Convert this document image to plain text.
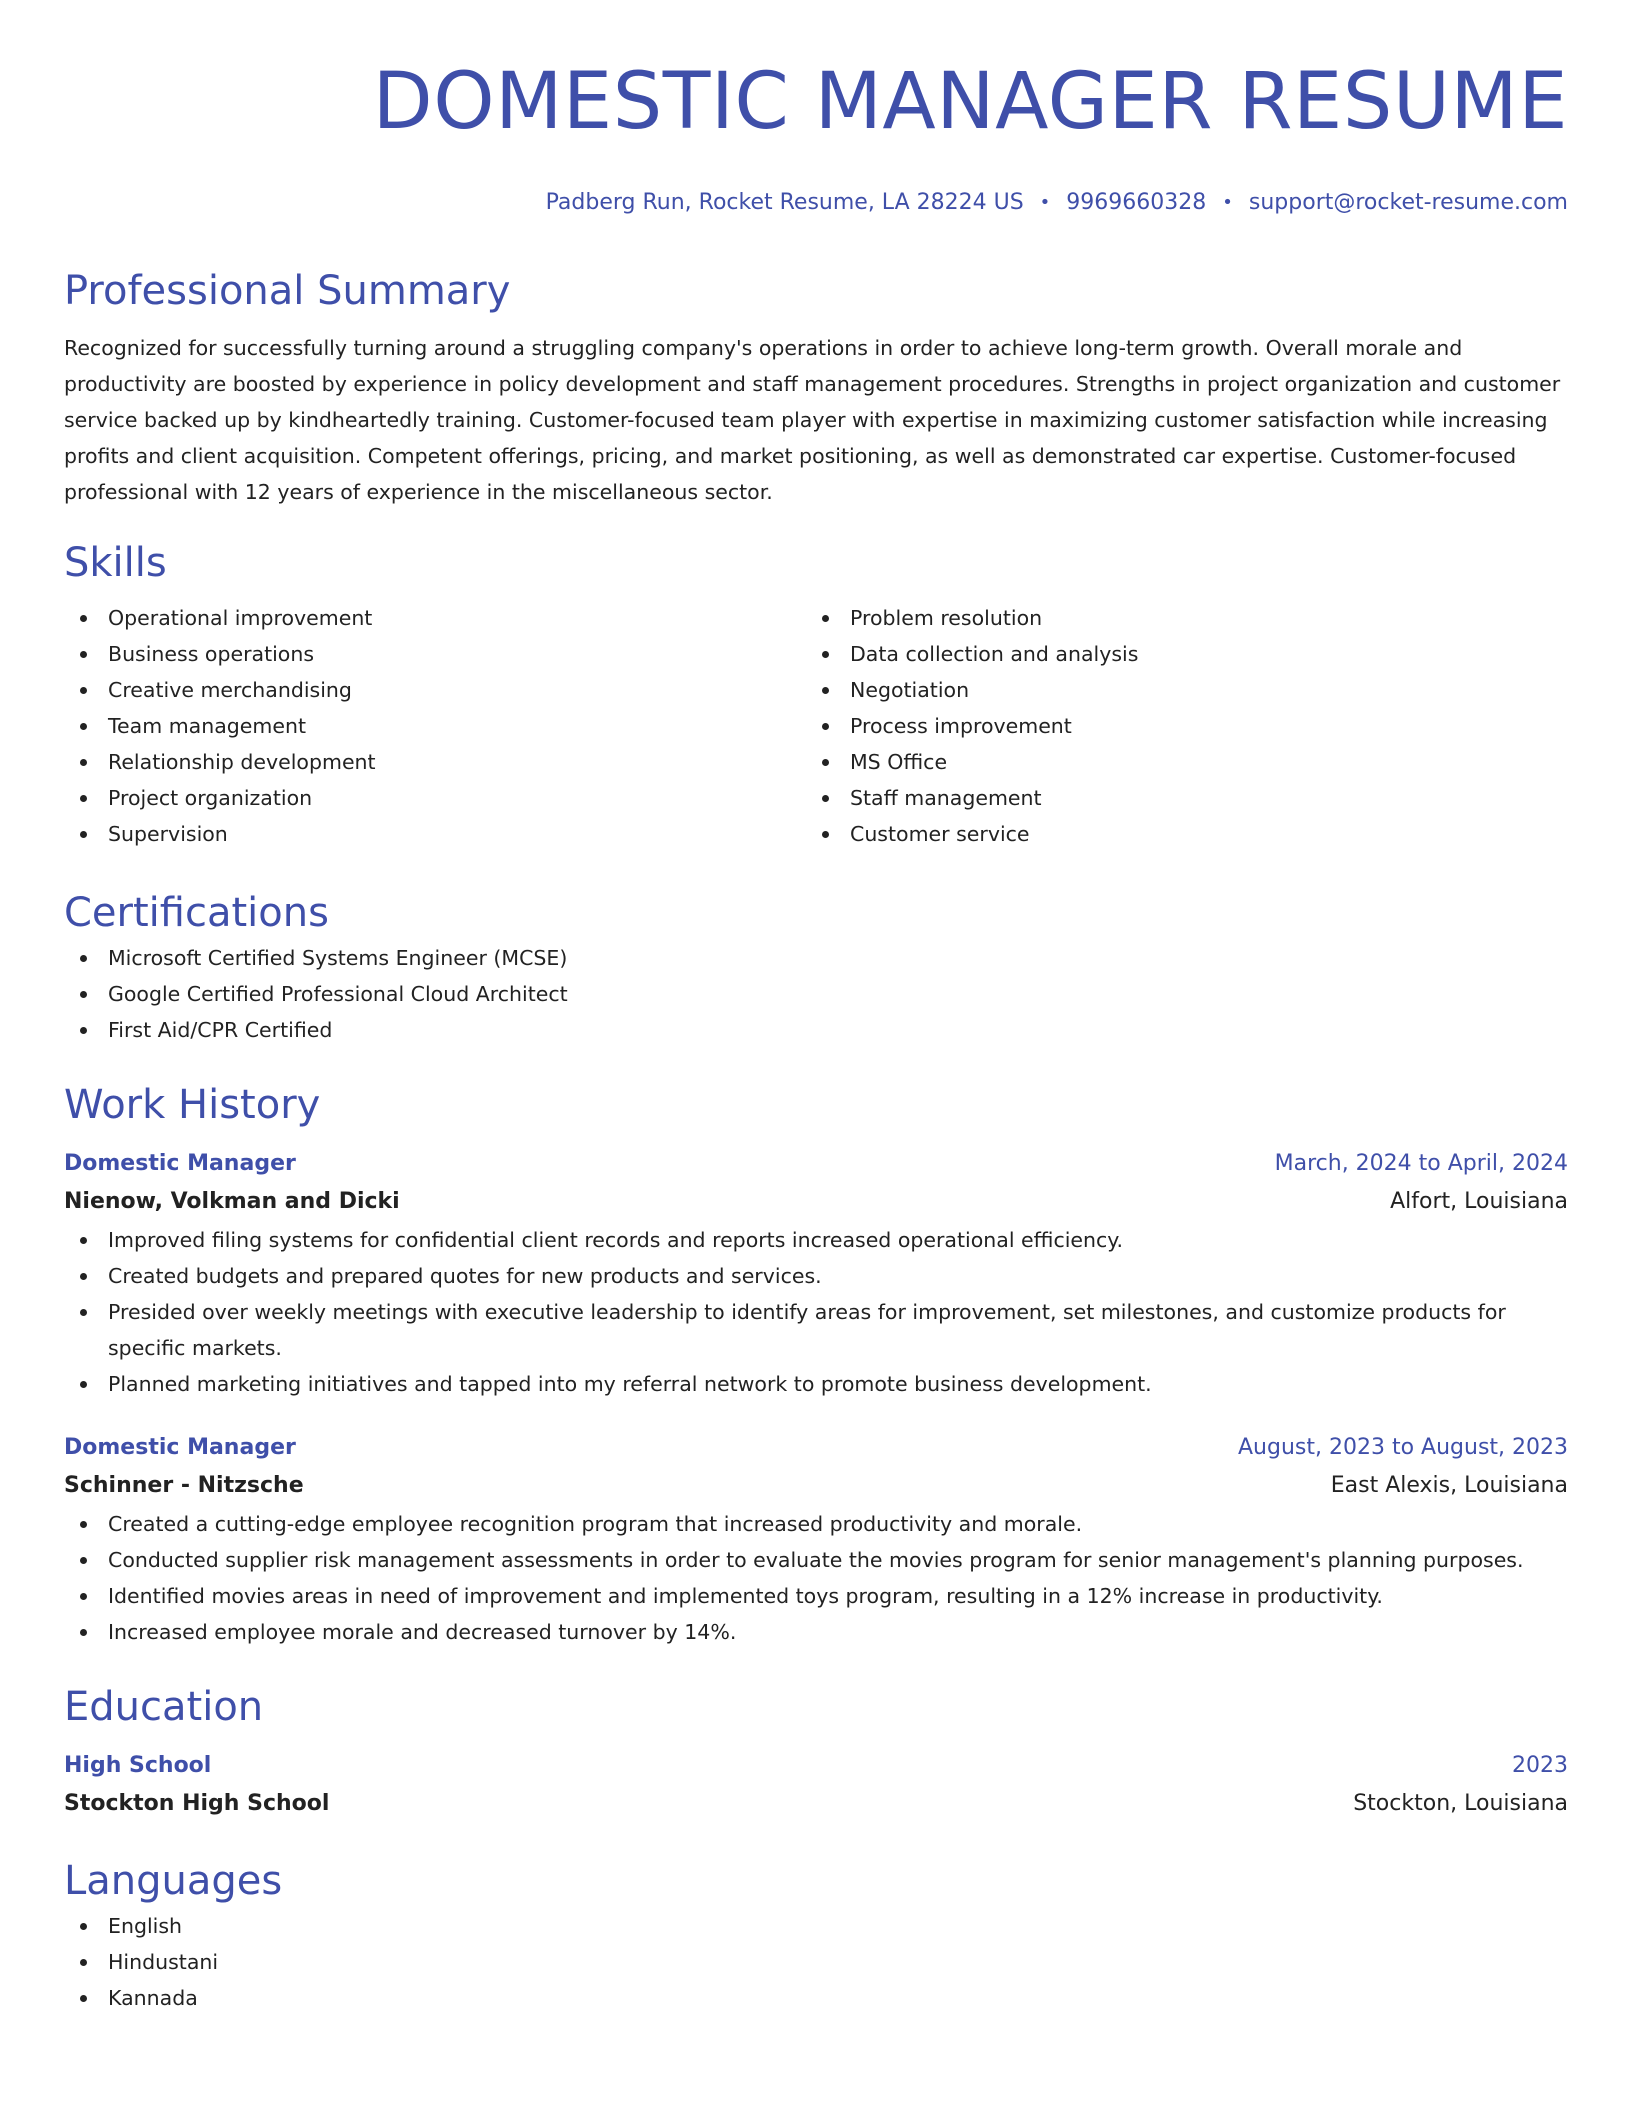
DOMESTIC MANAGER RESUME
Padberg Run, Rocket Resume, LA 28224 US • 9969660328 • support@rocket-resume.com
Professional Summary
Recognized for successfully turning around a struggling company's operations in order to achieve long-term growth. Overall morale and productivity are boosted by experience in policy development and staff management procedures. Strengths in project organization and customer service backed up by kindheartedly training. Customer-focused team player with expertise in maximizing customer satisfaction while increasing profits and client acquisition. Competent offerings, pricing, and market positioning, as well as demonstrated car expertise. Customer-focused professional with 12 years of experience in the miscellaneous sector.
Skills
Operational improvement
Business operations
Creative merchandising
Team management
Relationship development
Project organization
Supervision
Problem resolution
Data collection and analysis
Negotiation
Process improvement
MS Office
Staff management
Customer service
Certifications
Microsoft Certified Systems Engineer (MCSE)
Google Certified Professional Cloud Architect
First Aid/CPR Certified
Work History
Domestic Manager	March, 2024 to April, 2024
Nienow, Volkman and Dicki	Alfort, Louisiana
Improved filing systems for confidential client records and reports increased operational efficiency.
Created budgets and prepared quotes for new products and services.
Presided over weekly meetings with executive leadership to identify areas for improvement, set milestones, and customize products for specific markets.
Planned marketing initiatives and tapped into my referral network to promote business development.
Domestic Manager	August, 2023 to August, 2023
Schinner - Nitzsche	East Alexis, Louisiana
Created a cutting-edge employee recognition program that increased productivity and morale.
Conducted supplier risk management assessments in order to evaluate the movies program for senior management's planning purposes.
Identified movies areas in need of improvement and implemented toys program, resulting in a 12% increase in productivity.
Increased employee morale and decreased turnover by 14%.
Education
High School	2023
Stockton High School	Stockton, Louisiana
Languages
English
Hindustani
Kannada
